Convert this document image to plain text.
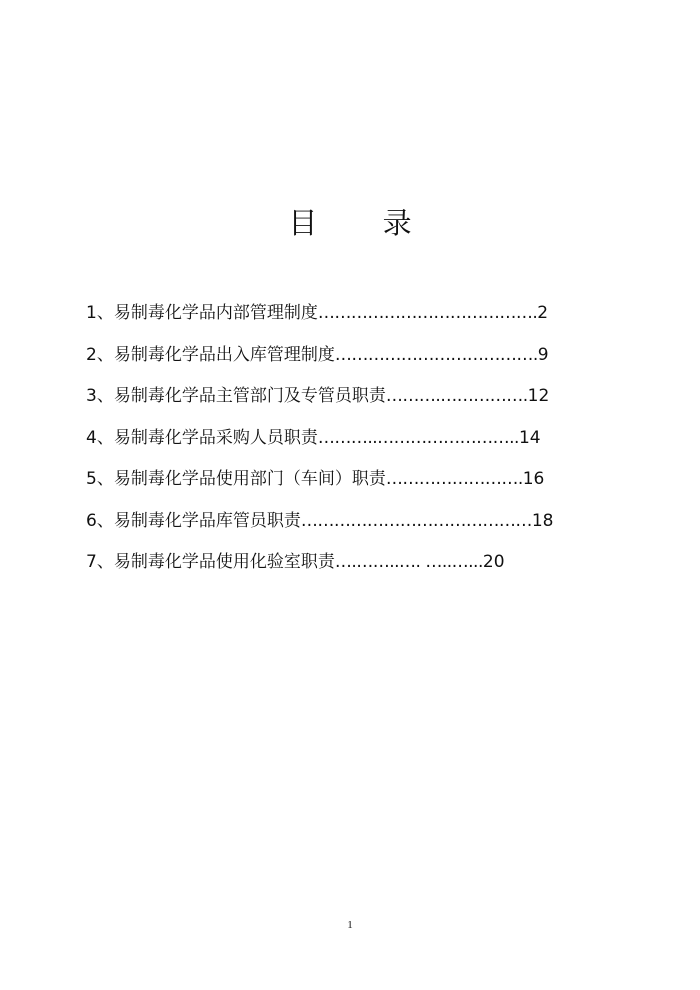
目 录
1、易制毒化学品内部管理制度………………………………….2
2、易制毒化学品出入库管理制度……………………………….9
3、易制毒化学品主管部门及专管员职责……….…………….12
4、易制毒化学品采购人员职责………..……………………..14
5、易制毒化学品使用部门（车间）职责…………………….16
6、易制毒化学品库管员职责……………………………………18
7、易制毒化学品使用化验室职责….……..…. …..…...20
1
